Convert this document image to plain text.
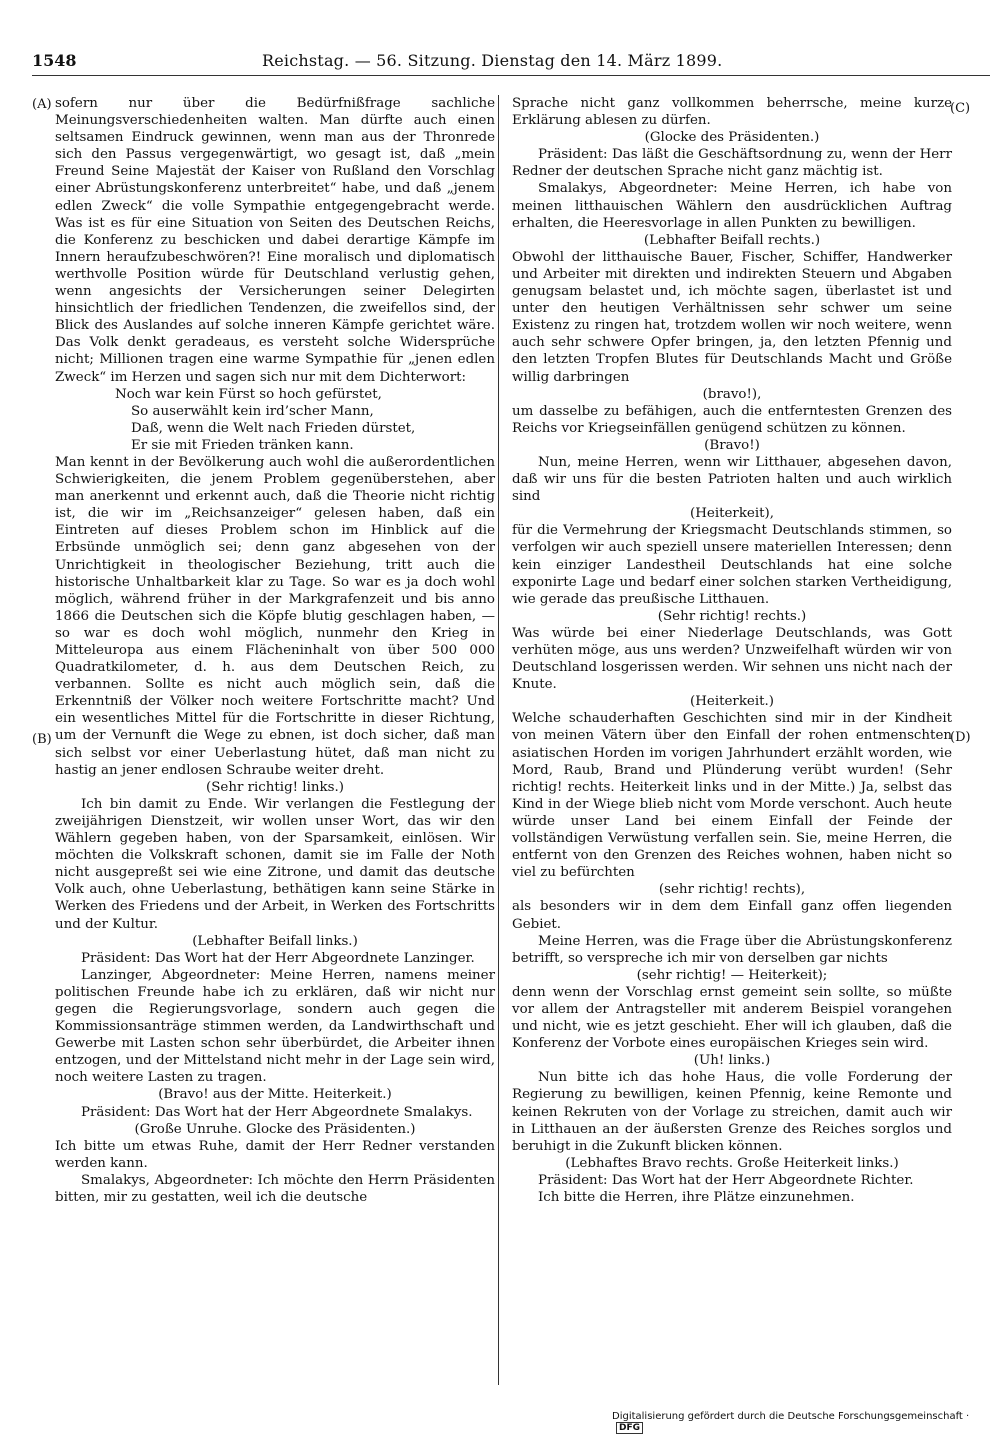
1548	Reichstag. — 56. Sitzung. Dienstag den 14. März 1899.
(A)
(B)
(C)
(D)

sofern nur über die Bedürfnißfrage sachliche Meinungsverschiedenheiten walten. Man dürfte auch einen seltsamen Eindruck gewinnen, wenn man aus der Thronrede sich den Passus vergegenwärtigt, wo gesagt ist, daß „mein Freund Seine Majestät der Kaiser von Rußland den Vorschlag einer Abrüstungskonferenz unterbreitet“ habe, und daß „jenem edlen Zweck“ die volle Sympathie entgegengebracht werde. Was ist es für eine Situation von Seiten des Deutschen Reichs, die Konferenz zu beschicken und dabei derartige Kämpfe im Innern heraufzubeschwören?! Eine moralisch und diplomatisch werthvolle Position würde für Deutschland verlustig gehen, wenn angesichts der Versicherungen seiner Delegirten hinsichtlich der friedlichen Tendenzen, die zweifellos sind, der Blick des Auslandes auf solche inneren Kämpfe gerichtet wäre. Das Volk denkt geradeaus, es versteht solche Widersprüche nicht; Millionen tragen eine warme Sympathie für „jenen edlen Zweck“ im Herzen und sagen sich nur mit dem Dichterwort:

Noch war kein Fürst so hoch gefürstet,

So auserwählt kein ird’scher Mann,

Daß, wenn die Welt nach Frieden dürstet,

Er sie mit Frieden tränken kann.

Man kennt in der Bevölkerung auch wohl die außerordentlichen Schwierigkeiten, die jenem Problem gegenüberstehen, aber man anerkennt und erkennt auch, daß die Theorie nicht richtig ist, die wir im „Reichsanzeiger“ gelesen haben, daß ein Eintreten auf dieses Problem schon im Hinblick auf die Erbsünde unmöglich sei; denn ganz abgesehen von der Unrichtigkeit in theologischer Beziehung, tritt auch die historische Unhaltbarkeit klar zu Tage. So war es ja doch wohl möglich, während früher in der Markgrafenzeit und bis anno 1866 die Deutschen sich die Köpfe blutig geschlagen haben, — so war es doch wohl möglich, nunmehr den Krieg in Mitteleuropa aus einem Flächeninhalt von über 500 000 Quadratkilometer, d. h. aus dem Deutschen Reich, zu verbannen. Sollte es nicht auch möglich sein, daß die Erkenntniß der Völker noch weitere Fortschritte macht? Und ein wesentliches Mittel für die Fortschritte in dieser Richtung, um der Vernunft die Wege zu ebnen, ist doch sicher, daß man sich selbst vor einer Ueberlastung hütet, daß man nicht zu hastig an jener endlosen Schraube weiter dreht.

(Sehr richtig! links.)

Ich bin damit zu Ende. Wir verlangen die Festlegung der zweijährigen Dienstzeit, wir wollen unser Wort, das wir den Wählern gegeben haben, von der Sparsamkeit, einlösen. Wir möchten die Volkskraft schonen, damit sie im Falle der Noth nicht ausgepreßt sei wie eine Zitrone, und damit das deutsche Volk auch, ohne Ueberlastung, bethätigen kann seine Stärke in Werken des Friedens und der Arbeit, in Werken des Fortschritts und der Kultur.

(Lebhafter Beifall links.)

Präsident: Das Wort hat der Herr Abgeordnete Lanzinger.

Lanzinger, Abgeordneter: Meine Herren, namens meiner politischen Freunde habe ich zu erklären, daß wir nicht nur gegen die Regierungsvorlage, sondern auch gegen die Kommissionsanträge stimmen werden, da Landwirthschaft und Gewerbe mit Lasten schon sehr überbürdet, die Arbeiter ihnen entzogen, und der Mittelstand nicht mehr in der Lage sein wird, noch weitere Lasten zu tragen.

(Bravo! aus der Mitte. Heiterkeit.)

Präsident: Das Wort hat der Herr Abgeordnete Smalakys.

(Große Unruhe. Glocke des Präsidenten.)

Ich bitte um etwas Ruhe, damit der Herr Redner verstanden werden kann.

Smalakys, Abgeordneter: Ich möchte den Herrn Präsidenten bitten, mir zu gestatten, weil ich die deutsche

Sprache nicht ganz vollkommen beherrsche, meine kurze Erklärung ablesen zu dürfen.

(Glocke des Präsidenten.)

Präsident: Das läßt die Geschäftsordnung zu, wenn der Herr Redner der deutschen Sprache nicht ganz mächtig ist.

Smalakys, Abgeordneter: Meine Herren, ich habe von meinen litthauischen Wählern den ausdrücklichen Auftrag erhalten, die Heeresvorlage in allen Punkten zu bewilligen.

(Lebhafter Beifall rechts.)

Obwohl der litthauische Bauer, Fischer, Schiffer, Handwerker und Arbeiter mit direkten und indirekten Steuern und Abgaben genugsam belastet und, ich möchte sagen, überlastet ist und unter den heutigen Verhältnissen sehr schwer um seine Existenz zu ringen hat, trotzdem wollen wir noch weitere, wenn auch sehr schwere Opfer bringen, ja, den letzten Pfennig und den letzten Tropfen Blutes für Deutschlands Macht und Größe willig darbringen

(bravo!),

um dasselbe zu befähigen, auch die entferntesten Grenzen des Reichs vor Kriegseinfällen genügend schützen zu können.

(Bravo!)

Nun, meine Herren, wenn wir Litthauer, abgesehen davon, daß wir uns für die besten Patrioten halten und auch wirklich sind

(Heiterkeit),

für die Vermehrung der Kriegsmacht Deutschlands stimmen, so verfolgen wir auch speziell unsere materiellen Interessen; denn kein einziger Landestheil Deutschlands hat eine solche exponirte Lage und bedarf einer solchen starken Vertheidigung, wie gerade das preußische Litthauen.

(Sehr richtig! rechts.)

Was würde bei einer Niederlage Deutschlands, was Gott verhüten möge, aus uns werden? Unzweifelhaft würden wir von Deutschland losgerissen werden. Wir sehnen uns nicht nach der Knute.

(Heiterkeit.)

Welche schauderhaften Geschichten sind mir in der Kindheit von meinen Vätern über den Einfall der rohen entmenschten asiatischen Horden im vorigen Jahrhundert erzählt worden, wie Mord, Raub, Brand und Plünderung verübt wurden! (Sehr richtig! rechts. Heiterkeit links und in der Mitte.) Ja, selbst das Kind in der Wiege blieb nicht vom Morde verschont. Auch heute würde unser Land bei einem Einfall der Feinde der vollständigen Verwüstung verfallen sein. Sie, meine Herren, die entfernt von den Grenzen des Reiches wohnen, haben nicht so viel zu befürchten

(sehr richtig! rechts),

als besonders wir in dem dem Einfall ganz offen liegenden Gebiet.

Meine Herren, was die Frage über die Abrüstungskonferenz betrifft, so verspreche ich mir von derselben gar nichts

(sehr richtig! — Heiterkeit);

denn wenn der Vorschlag ernst gemeint sein sollte, so müßte vor allem der Antragsteller mit anderem Beispiel vorangehen und nicht, wie es jetzt geschieht. Eher will ich glauben, daß die Konferenz der Vorbote eines europäischen Krieges sein wird.

(Uh! links.)

Nun bitte ich das hohe Haus, die volle Forderung der Regierung zu bewilligen, keinen Pfennig, keine Remonte und keinen Rekruten von der Vorlage zu streichen, damit auch wir in Litthauen an der äußersten Grenze des Reiches sorglos und beruhigt in die Zukunft blicken können.

(Lebhaftes Bravo rechts. Große Heiterkeit links.)

Präsident: Das Wort hat der Herr Abgeordnete Richter.

Ich bitte die Herren, ihre Plätze einzunehmen.

Digitalisierung gefördert durch die Deutsche Forschungsgemeinschaft ·DFG
